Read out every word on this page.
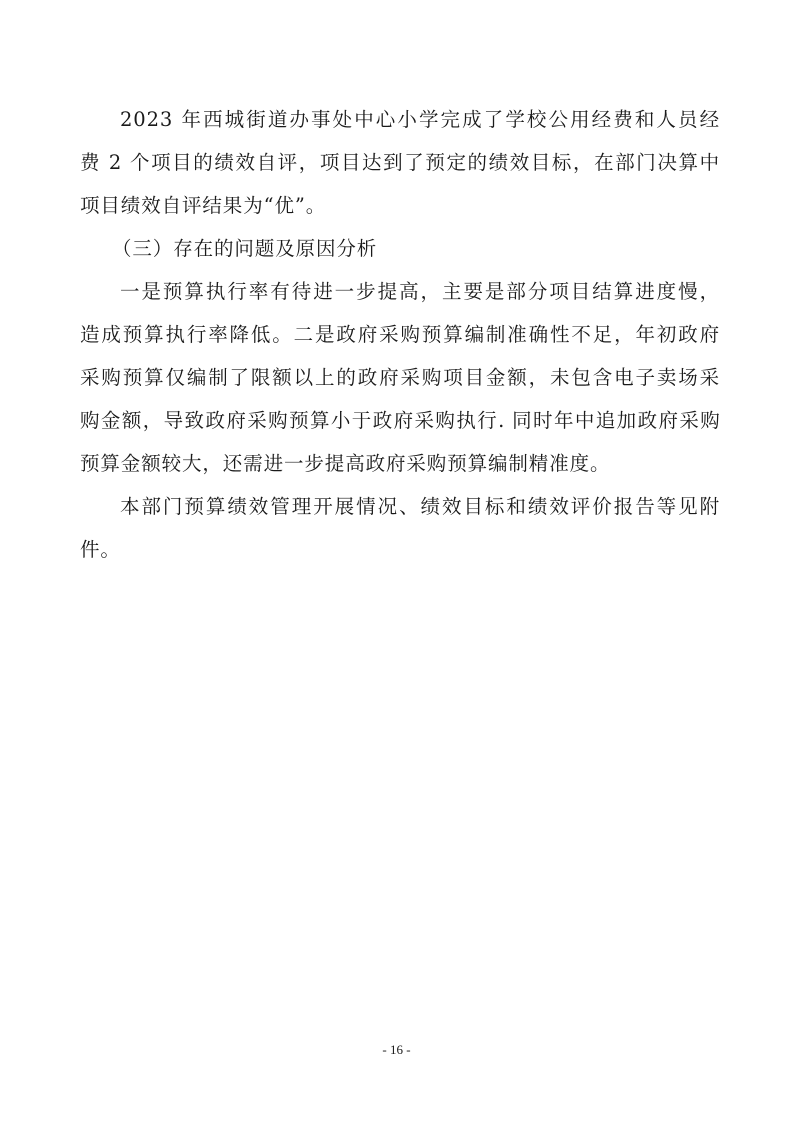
2023 年西城街道办事处中心小学完成了学校公用经费和人员经
费 2 个项目的绩效自评，项目达到了预定的绩效目标，在部门决算中
项目绩效自评结果为“优”。
（三）存在的问题及原因分析
一是预算执行率有待进一步提高，主要是部分项目结算进度慢，
造成预算执行率降低。二是政府采购预算编制准确性不足，年初政府
采购预算仅编制了限额以上的政府采购项目金额，未包含电子卖场采
购金额，导致政府采购预算小于政府采购执行. 同时年中追加政府采购
预算金额较大，还需进一步提高政府采购预算编制精准度。
本部门预算绩效管理开展情况、绩效目标和绩效评价报告等见附
件。
- 16 -
